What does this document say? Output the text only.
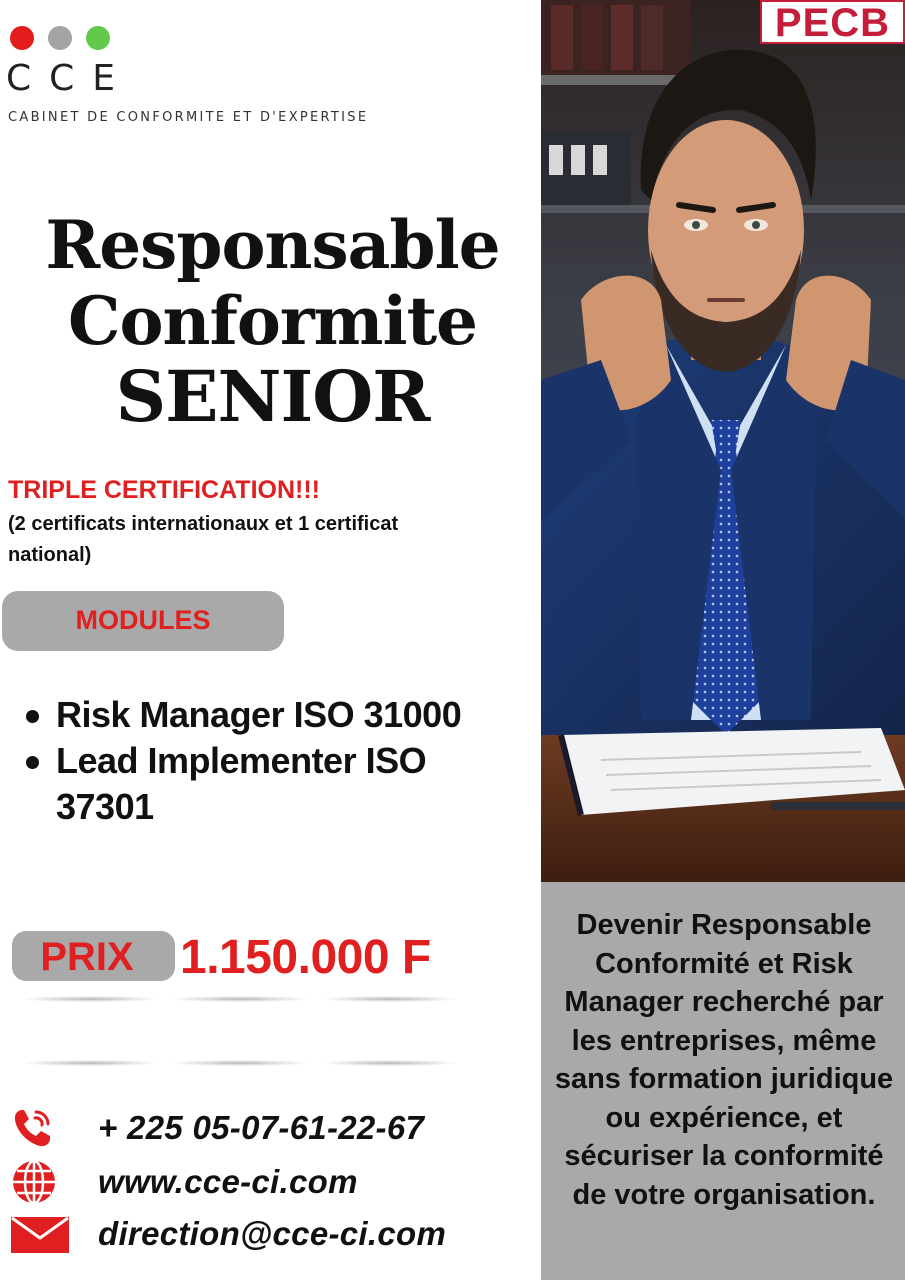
CCE
CABINET DE CONFORMITE ET D'EXPERTISE
Responsable
Conformite
SENIOR
TRIPLE CERTIFICATION!!!
(2 certificats internationaux et 1 certificat national)
MODULES
Risk Manager ISO 31000
Lead Implementer ISO 37301
PRIX 1.150.000 F
+ 225 05-07-61-22-67
www.cce-ci.com
direction@cce-ci.com
PECB
Devenir Responsable Conformité et Risk Manager recherché par les entreprises, même sans formation juridique ou expérience, et sécuriser la conformité de votre organisation.
